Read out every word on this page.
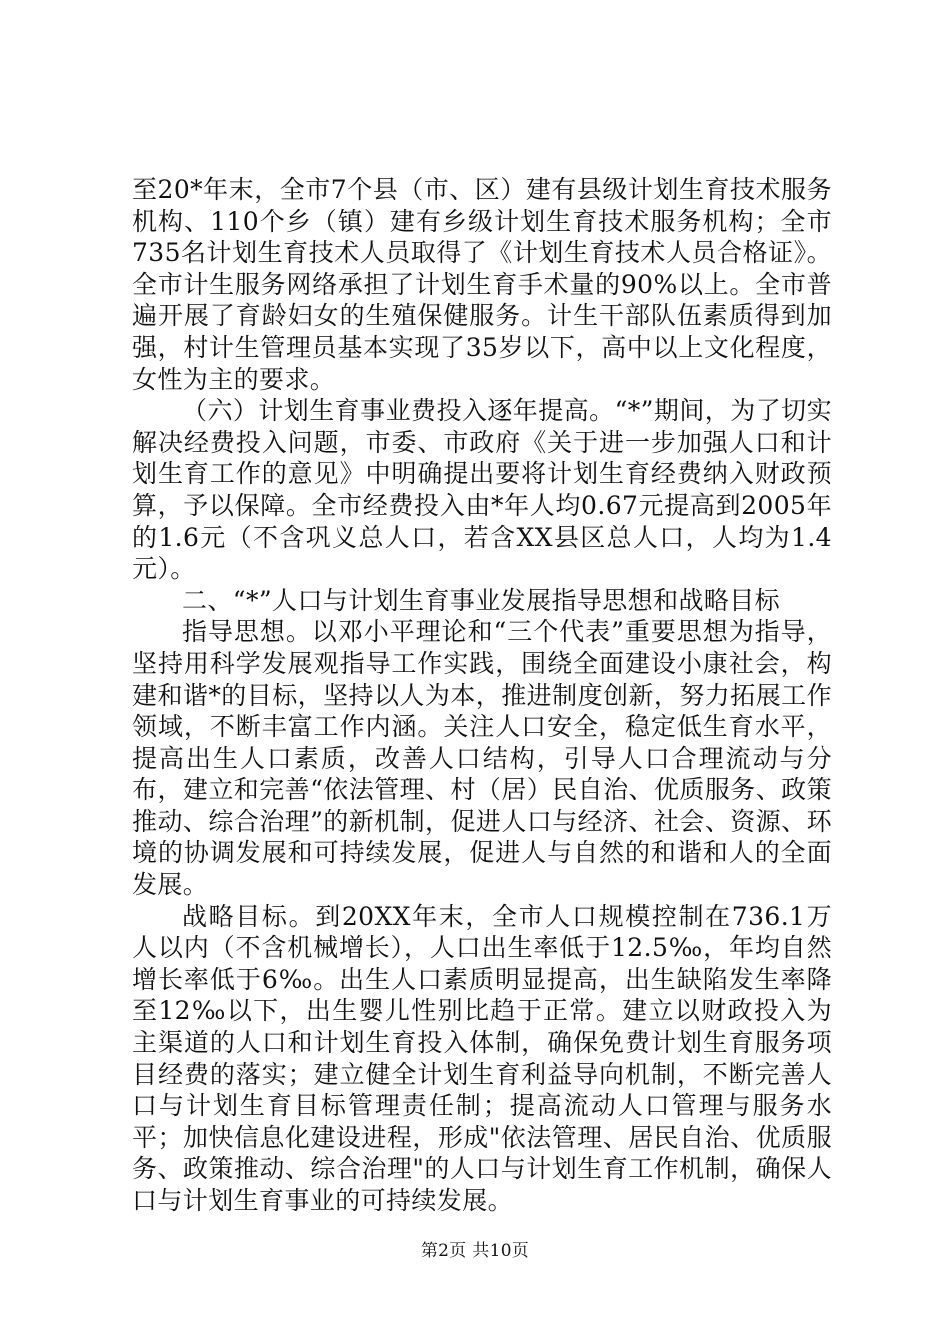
至20*年末，全市7个县（市、区）建有县级计划生育技术服务机构、110个乡（镇）建有乡级计划生育技术服务机构；全市735名计划生育技术人员取得了《计划生育技术人员合格证》。全市计生服务网络承担了计划生育手术量的90%以上。全市普遍开展了育龄妇女的生殖保健服务。计生干部队伍素质得到加强，村计生管理员基本实现了35岁以下，高中以上文化程度，女性为主的要求。

（六）计划生育事业费投入逐年提高。“*”期间，为了切实解决经费投入问题，市委、市政府《关于进一步加强人口和计划生育工作的意见》中明确提出要将计划生育经费纳入财政预算，予以保障。全市经费投入由*年人均0.67元提高到2005年的1.6元（不含巩义总人口，若含XX县区总人口，人均为1.4元）。

二、“*”人口与计划生育事业发展指导思想和战略目标

指导思想。以邓小平理论和“三个代表”重要思想为指导，坚持用科学发展观指导工作实践，围绕全面建设小康社会，构建和谐*的目标，坚持以人为本，推进制度创新，努力拓展工作领域，不断丰富工作内涵。关注人口安全，稳定低生育水平，提高出生人口素质，改善人口结构，引导人口合理流动与分布，建立和完善“依法管理、村（居）民自治、优质服务、政策推动、综合治理”的新机制，促进人口与经济、社会、资源、环境的协调发展和可持续发展，促进人与自然的和谐和人的全面发展。

战略目标。到20XX年末，全市人口规模控制在736.1万人以内（不含机械增长），人口出生率低于12.5‰，年均自然增长率低于6‰。出生人口素质明显提高，出生缺陷发生率降至12‰以下，出生婴儿性别比趋于正常。建立以财政投入为主渠道的人口和计划生育投入体制，确保免费计划生育服务项目经费的落实；建立健全计划生育利益导向机制，不断完善人口与计划生育目标管理责任制；提高流动人口管理与服务水平；加快信息化建设进程，形成"依法管理、居民自治、优质服务、政策推动、综合治理"的人口与计划生育工作机制，确保人口与计划生育事业的可持续发展。

第2页 共10页
